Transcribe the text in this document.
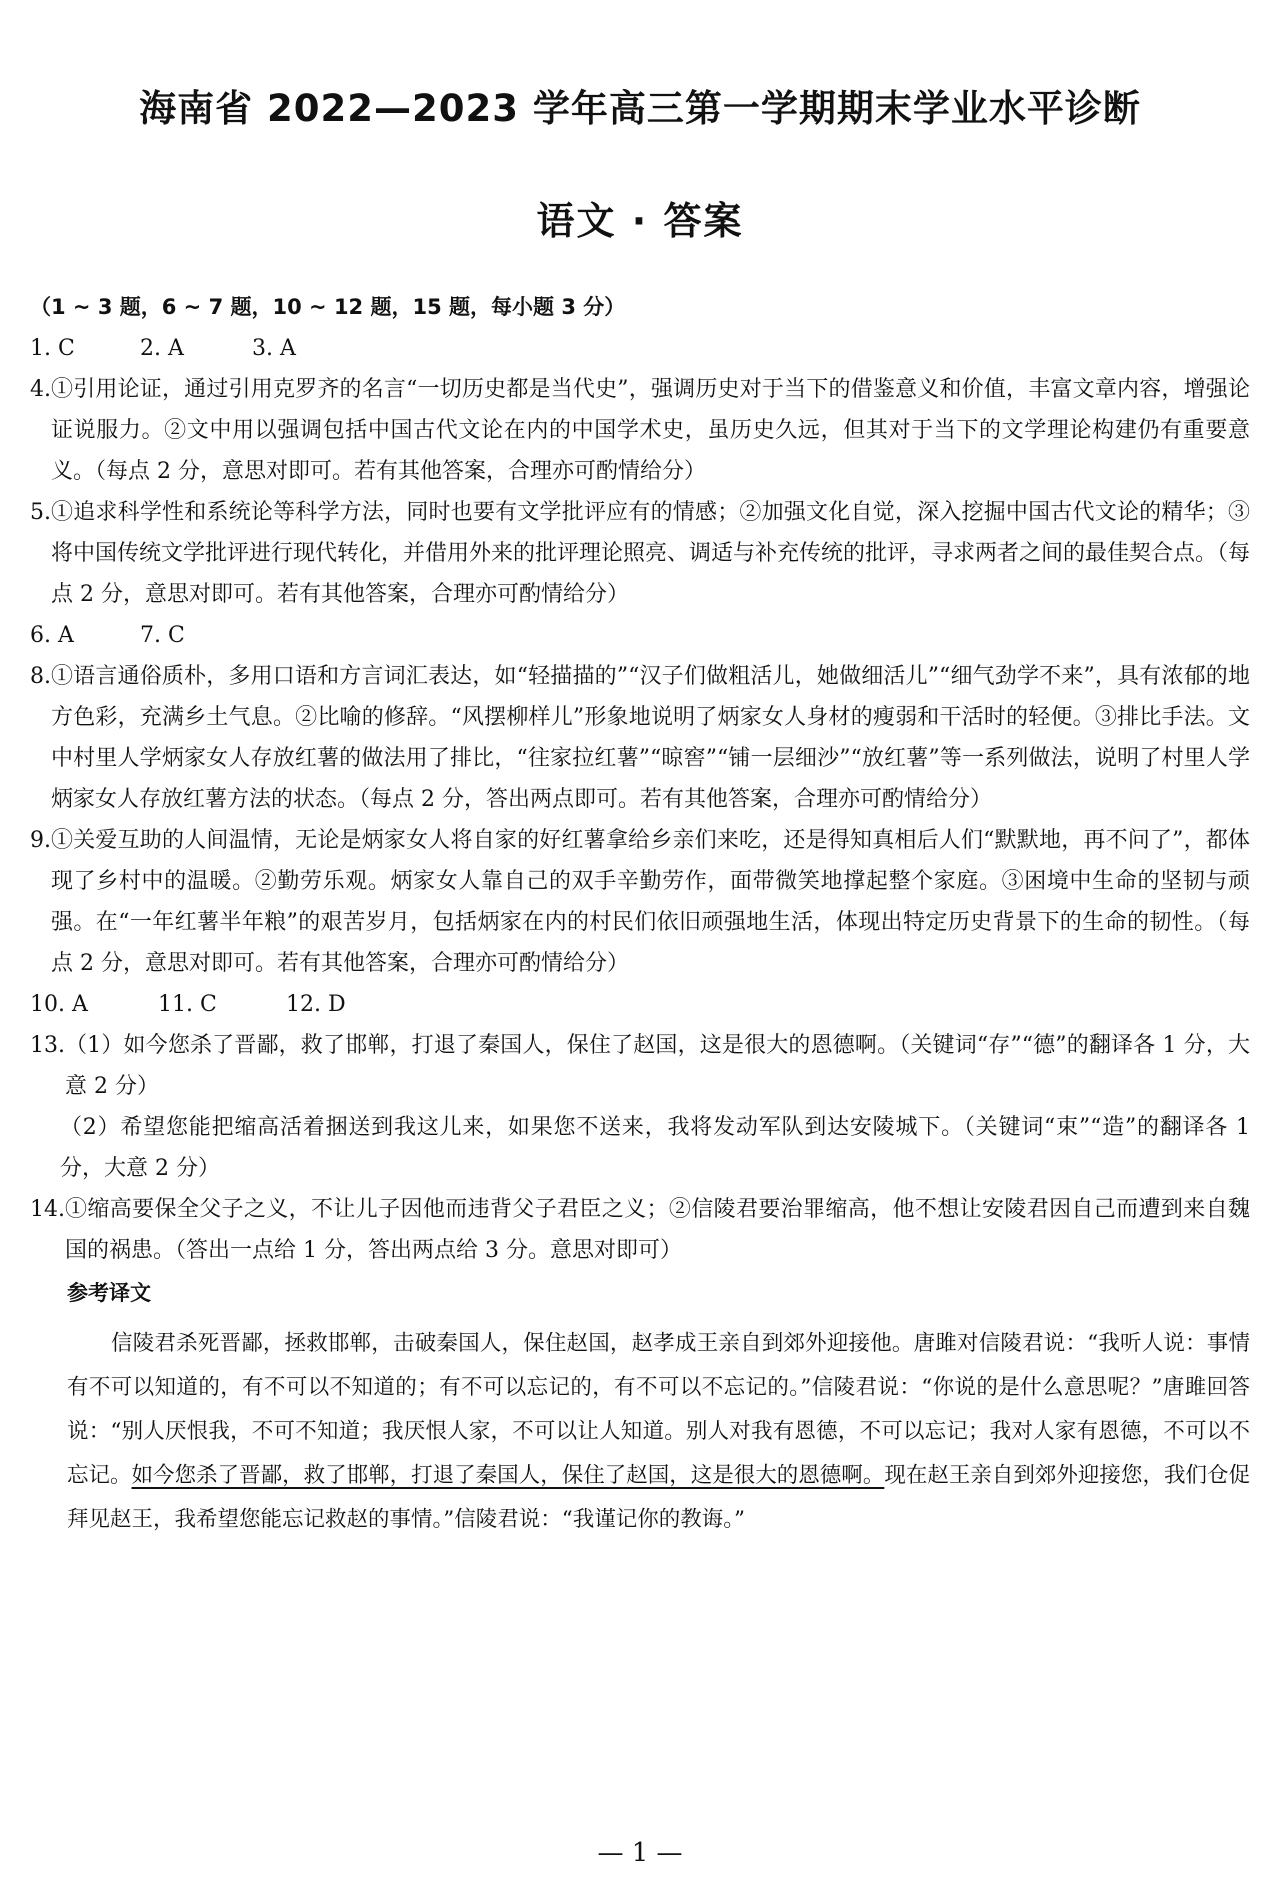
海南省 2022—2023 学年高三第一学期期末学业水平诊断
语文 · 答案
（1 ~ 3 题，6 ~ 7 题，10 ~ 12 题，15 题，每小题 3 分）
1. C	2. A	3. A
4. ①引用论证，通过引用克罗齐的名言“一切历史都是当代史”，强调历史对于当下的借鉴意义和价值，丰富文章内容，增强论证说服力。②文中用以强调包括中国古代文论在内的中国学术史，虽历史久远，但其对于当下的文学理论构建仍有重要意义。（每点 2 分，意思对即可。若有其他答案，合理亦可酌情给分）
5. ①追求科学性和系统论等科学方法，同时也要有文学批评应有的情感；②加强文化自觉，深入挖掘中国古代文论的精华；③将中国传统文学批评进行现代转化，并借用外来的批评理论照亮、调适与补充传统的批评，寻求两者之间的最佳契合点。（每点 2 分，意思对即可。若有其他答案，合理亦可酌情给分）
6. A	7. C
8. ①语言通俗质朴，多用口语和方言词汇表达，如“轻描描的”“汉子们做粗活儿，她做细活儿”“细气劲学不来”，具有浓郁的地方色彩，充满乡土气息。②比喻的修辞。“风摆柳样儿”形象地说明了炳家女人身材的瘦弱和干活时的轻便。③排比手法。文中村里人学炳家女人存放红薯的做法用了排比，“往家拉红薯”“晾窖”“铺一层细沙”“放红薯”等一系列做法，说明了村里人学炳家女人存放红薯方法的状态。（每点 2 分，答出两点即可。若有其他答案，合理亦可酌情给分）
9. ①关爱互助的人间温情，无论是炳家女人将自家的好红薯拿给乡亲们来吃，还是得知真相后人们“默默地，再不问了”，都体现了乡村中的温暖。②勤劳乐观。炳家女人靠自己的双手辛勤劳作，面带微笑地撑起整个家庭。③困境中生命的坚韧与顽强。在“一年红薯半年粮”的艰苦岁月，包括炳家在内的村民们依旧顽强地生活，体现出特定历史背景下的生命的韧性。（每点 2 分，意思对即可。若有其他答案，合理亦可酌情给分）
10. A	11. C	12. D
13. （1）如今您杀了晋鄙，救了邯郸，打退了秦国人，保住了赵国，这是很大的恩德啊。（关键词“存”“德”的翻译各 1 分，大意 2 分）
（2）希望您能把缩高活着捆送到我这儿来，如果您不送来，我将发动军队到达安陵城下。（关键词“束”“造”的翻译各 1 分，大意 2 分）
14. ①缩高要保全父子之义，不让儿子因他而违背父子君臣之义；②信陵君要治罪缩高，他不想让安陵君因自己而遭到来自魏国的祸患。（答出一点给 1 分，答出两点给 3 分。意思对即可）
参考译文
信陵君杀死晋鄙，拯救邯郸，击破秦国人，保住赵国，赵孝成王亲自到郊外迎接他。唐雎对信陵君说：“我听人说：事情有不可以知道的，有不可以不知道的；有不可以忘记的，有不可以不忘记的。”信陵君说：“你说的是什么意思呢？”唐雎回答说：“别人厌恨我，不可不知道；我厌恨人家，不可以让人知道。别人对我有恩德，不可以忘记；我对人家有恩德，不可以不忘记。如今您杀了晋鄙，救了邯郸，打退了秦国人，保住了赵国，这是很大的恩德啊。现在赵王亲自到郊外迎接您，我们仓促拜见赵王，我希望您能忘记救赵的事情。”信陵君说：“我谨记你的教诲。”
— 1 —
